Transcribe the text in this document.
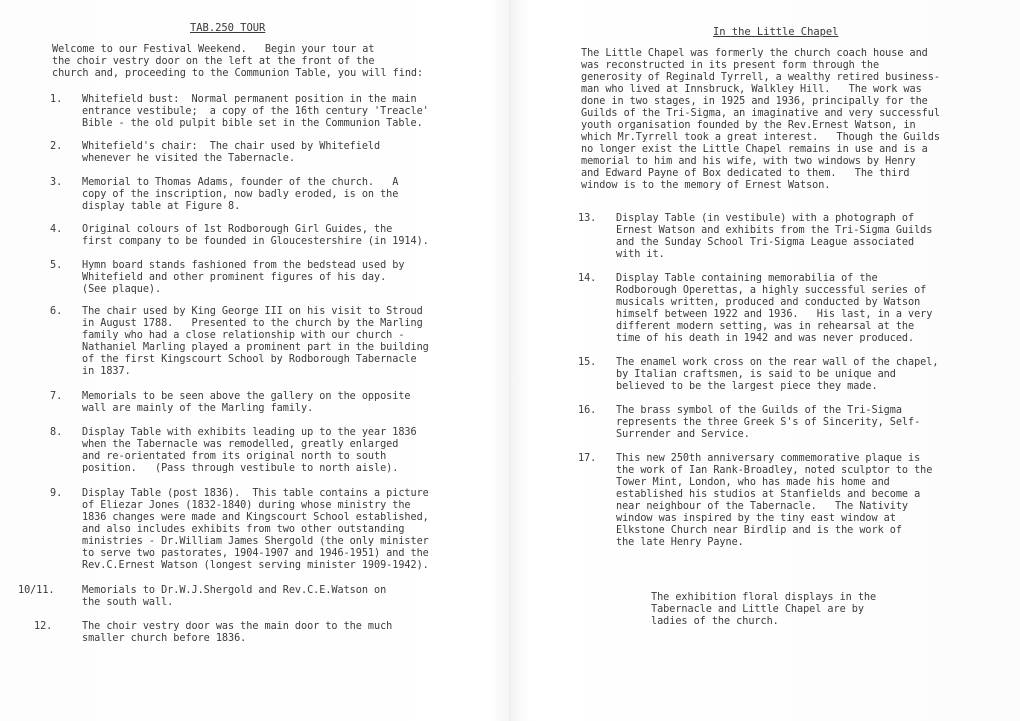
TAB.250 TOUR
Welcome to our Festival Weekend.   Begin your tour at
the choir vestry door on the left at the front of the
church and, proceeding to the Communion Table, you will find:

1.

Whitefield bust:  Normal permanent position in the main
entrance vestibule;  a copy of the 16th century 'Treacle'
Bible - the old pulpit bible set in the Communion Table.

2.

Whitefield's chair:  The chair used by Whitefield
whenever he visited the Tabernacle.

3.

Memorial to Thomas Adams, founder of the church.   A
copy of the inscription, now badly eroded, is on the
display table at Figure 8.

4.

Original colours of 1st Rodborough Girl Guides, the
first company to be founded in Gloucestershire (in 1914).

5.

Hymn board stands fashioned from the bedstead used by
Whitefield and other prominent figures of his day.
(See plaque).

6.

The chair used by King George III on his visit to Stroud
in August 1788.   Presented to the church by the Marling
family who had a close relationship with our church -
Nathaniel Marling played a prominent part in the building
of the first Kingscourt School by Rodborough Tabernacle
in 1837.

7.

Memorials to be seen above the gallery on the opposite
wall are mainly of the Marling family.

8.

Display Table with exhibits leading up to the year 1836
when the Tabernacle was remodelled, greatly enlarged
and re-orientated from its original north to south
position.   (Pass through vestibule to north aisle).

9.

Display Table (post 1836).  This table contains a picture
of Eliezar Jones (1832-1840) during whose ministry the
1836 changes were made and Kingscourt School established,
and also includes exhibits from two other outstanding
ministries - Dr.William James Shergold (the only minister
to serve two pastorates, 1904-1907 and 1946-1951) and the
Rev.C.Ernest Watson (longest serving minister 1909-1942).

10/11.

	Memorials to Dr.W.J.Shergold and Rev.C.E.Watson on
the south wall.

12.

	The choir vestry door was the main door to the much
smaller church before 1836.

In the Little Chapel
The Little Chapel was formerly the church coach house and
was reconstructed in its present form through the
generosity of Reginald Tyrrell, a wealthy retired business-
man who lived at Innsbruck, Walkley Hill.   The work was
done in two stages, in 1925 and 1936, principally for the
Guilds of the Tri-Sigma, an imaginative and very successful
youth organisation founded by the Rev.Ernest Watson, in
which Mr.Tyrrell took a great interest.   Though the Guilds
no longer exist the Little Chapel remains in use and is a
memorial to him and his wife, with two windows by Henry
and Edward Payne of Box dedicated to them.   The third
window is to the memory of Ernest Watson.

13.

Display Table (in vestibule) with a photograph of
Ernest Watson and exhibits from the Tri-Sigma Guilds
and the Sunday School Tri-Sigma League associated
with it.

14.

Display Table containing memorabilia of the
Rodborough Operettas, a highly successful series of
musicals written, produced and conducted by Watson
himself between 1922 and 1936.   His last, in a very
different modern setting, was in rehearsal at the
time of his death in 1942 and was never produced.

15.

The enamel work cross on the rear wall of the chapel,
by Italian craftsmen, is said to be unique and
believed to be the largest piece they made.

16.

The brass symbol of the Guilds of the Tri-Sigma
represents the three Greek S's of Sincerity, Self-
Surrender and Service.

17.

This new 250th anniversary commemorative plaque is
the work of Ian Rank-Broadley, noted sculptor to the
Tower Mint, London, who has made his home and
established his studios at Stanfields and become a
near neighbour of the Tabernacle.   The Nativity
window was inspired by the tiny east window at
Elkstone Church near Birdlip and is the work of
the late Henry Payne.

The exhibition floral displays in the
Tabernacle and Little Chapel are by
ladies of the church.
